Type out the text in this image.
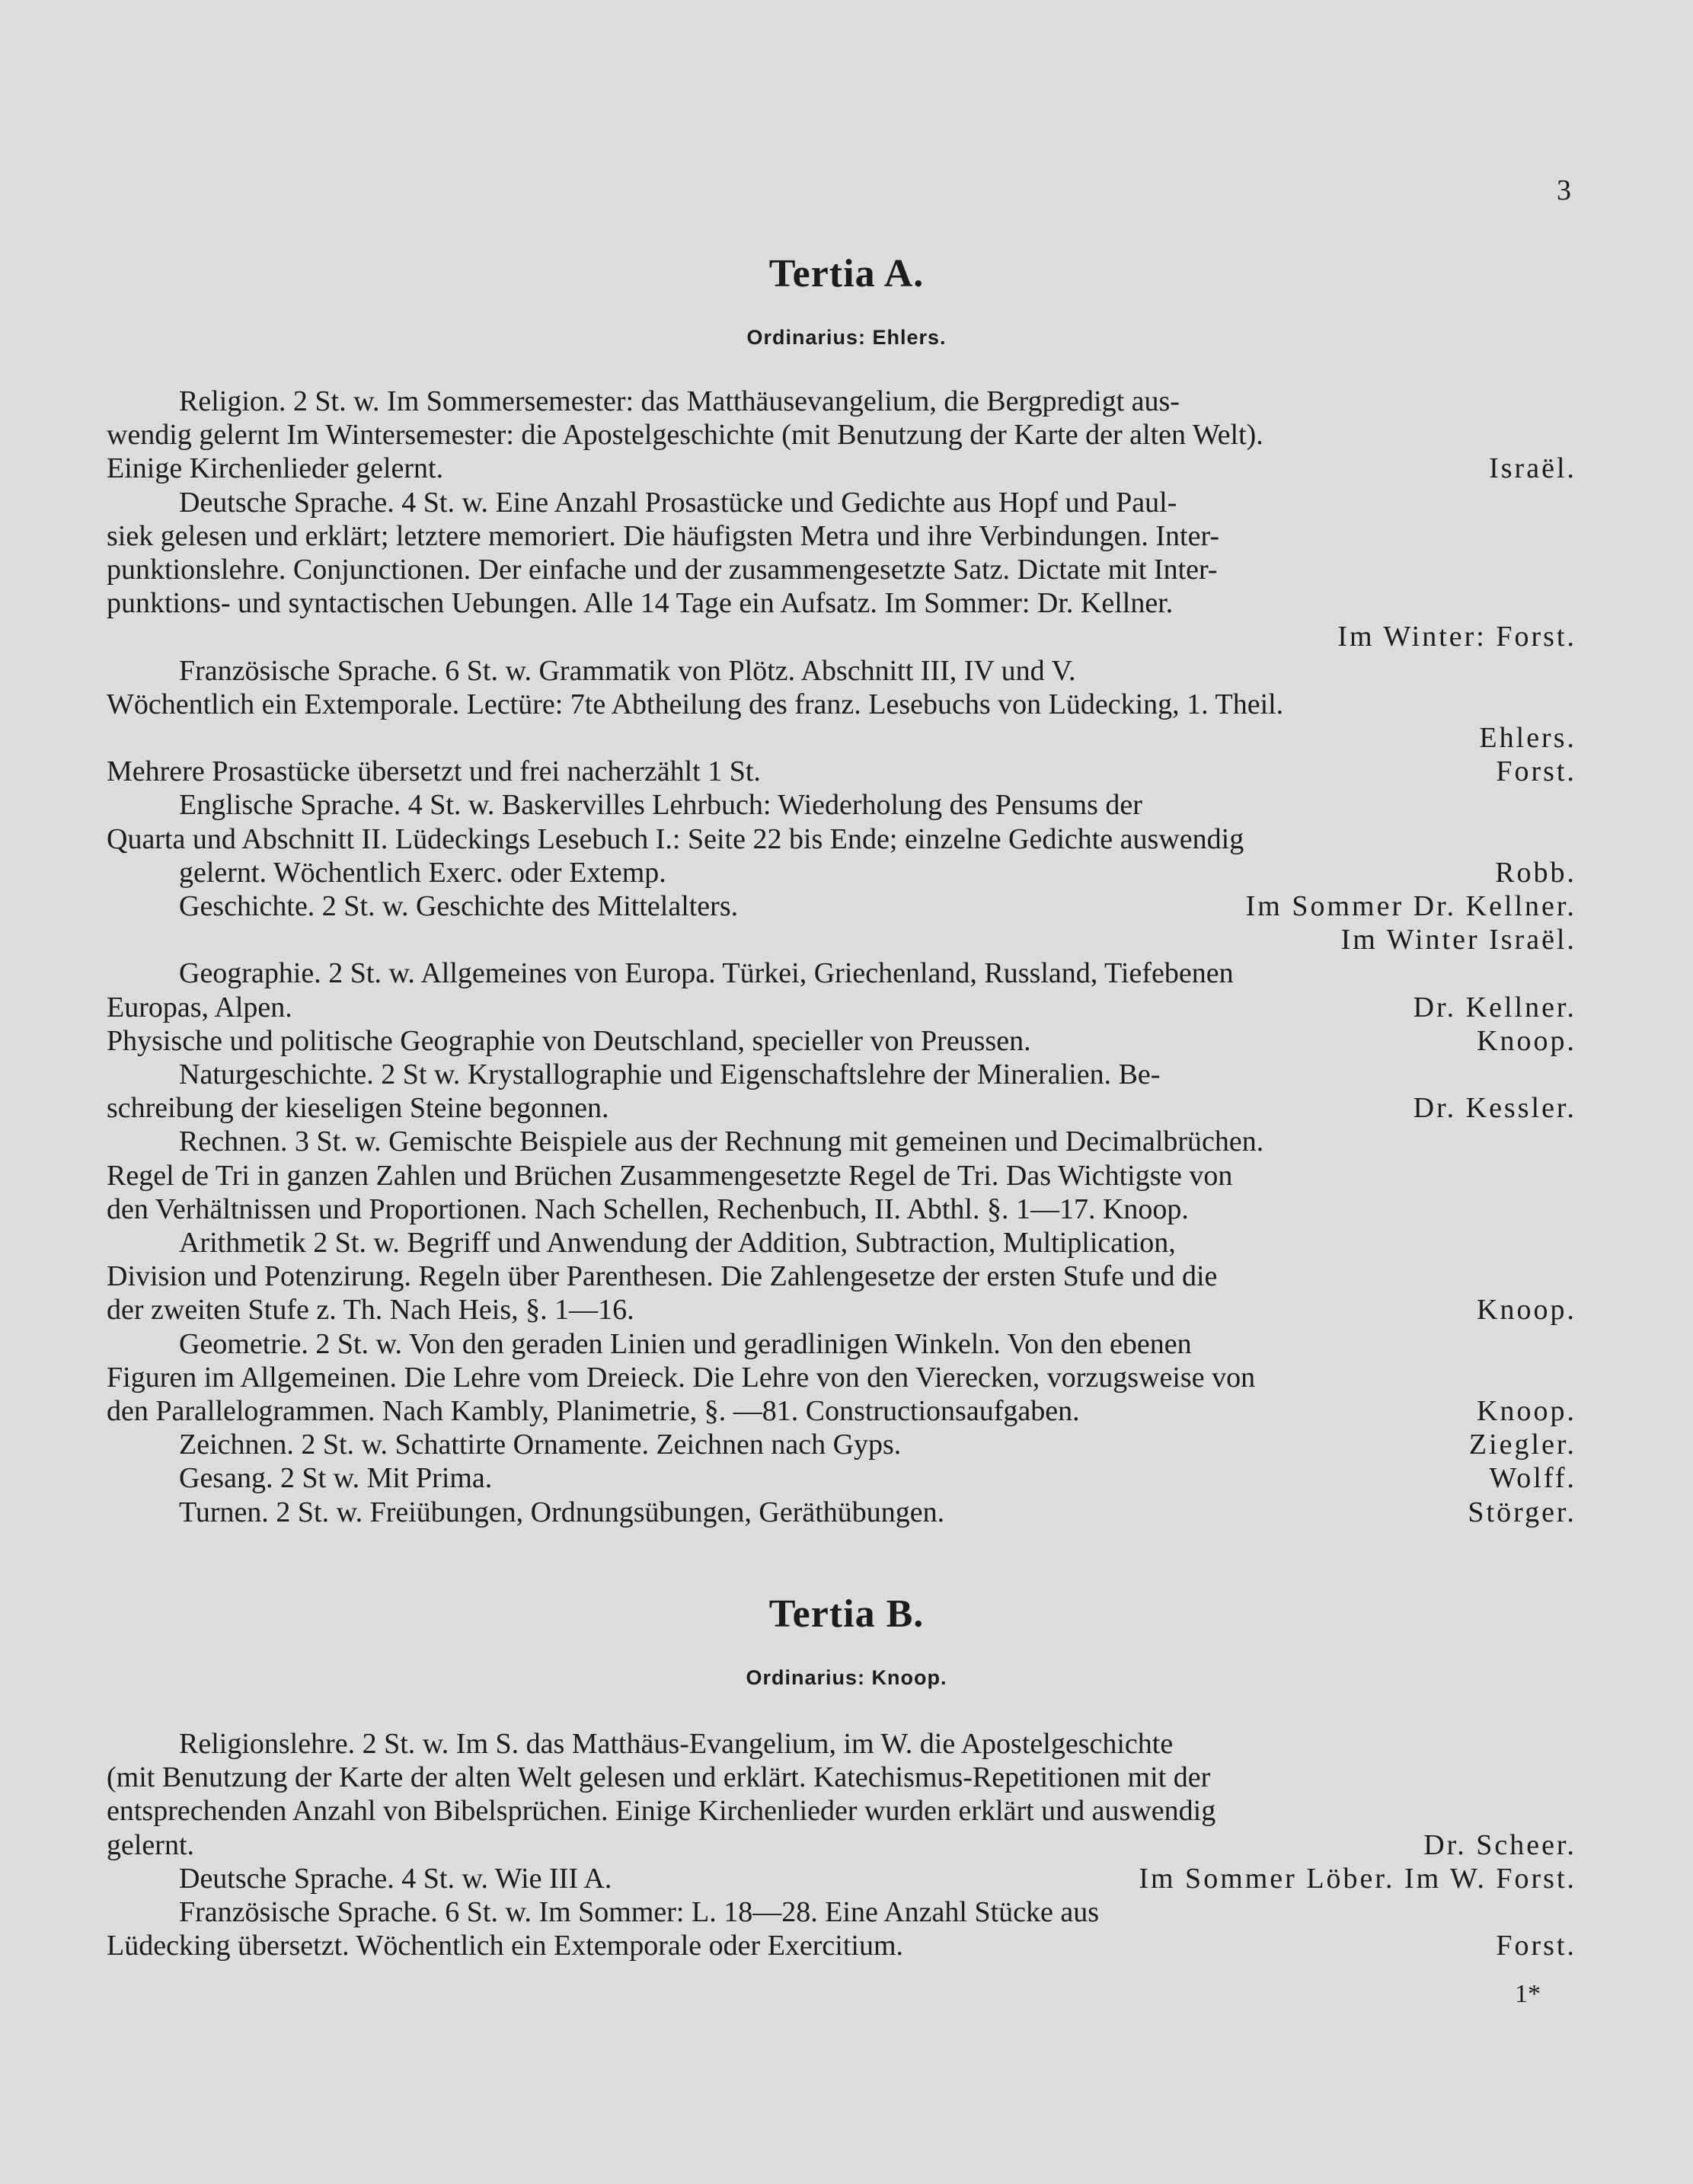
3
Tertia A.
Ordinarius: Ehlers.
Religion. 2 St. w. Im Sommersemester: das Matthäusevangelium, die Bergpredigt aus-
wendig gelernt Im Wintersemester: die Apostelgeschichte (mit Benutzung der Karte der alten Welt).
Einige Kirchenlieder gelernt.	Israël.
Deutsche Sprache. 4 St. w. Eine Anzahl Prosastücke und Gedichte aus Hopf und Paul-
siek gelesen und erklärt; letztere memoriert. Die häufigsten Metra und ihre Verbindungen. Inter-
punktionslehre. Conjunctionen. Der einfache und der zusammengesetzte Satz. Dictate mit Inter-
punktions- und syntactischen Uebungen. Alle 14 Tage ein Aufsatz. Im Sommer: Dr. Kellner.
Im Winter: Forst.
Französische Sprache. 6 St. w. Grammatik von Plötz. Abschnitt III, IV und V.
Wöchentlich ein Extemporale. Lectüre: 7te Abtheilung des franz. Lesebuchs von Lüdecking, 1. Theil.
Ehlers.
Mehrere Prosastücke übersetzt und frei nacherzählt 1 St.	Forst.
Englische Sprache. 4 St. w. Baskervilles Lehrbuch: Wiederholung des Pensums der
Quarta und Abschnitt II. Lüdeckings Lesebuch I.: Seite 22 bis Ende; einzelne Gedichte auswendig
gelernt. Wöchentlich Exerc. oder Extemp.	Robb.
Geschichte. 2 St. w. Geschichte des Mittelalters.	Im Sommer Dr. Kellner.
Im Winter Israël.
Geographie. 2 St. w. Allgemeines von Europa. Türkei, Griechenland, Russland, Tiefebenen
Europas, Alpen.	Dr. Kellner.
Physische und politische Geographie von Deutschland, specieller von Preussen.	Knoop.
Naturgeschichte. 2 St w. Krystallographie und Eigenschaftslehre der Mineralien. Be-
schreibung der kieseligen Steine begonnen.	Dr. Kessler.
Rechnen. 3 St. w. Gemischte Beispiele aus der Rechnung mit gemeinen und Decimalbrüchen.
Regel de Tri in ganzen Zahlen und Brüchen Zusammengesetzte Regel de Tri. Das Wichtigste von
den Verhältnissen und Proportionen. Nach Schellen, Rechenbuch, II. Abthl. §. 1—17. Knoop.
Arithmetik 2 St. w. Begriff und Anwendung der Addition, Subtraction, Multiplication,
Division und Potenzirung. Regeln über Parenthesen. Die Zahlengesetze der ersten Stufe und die
der zweiten Stufe z. Th. Nach Heis, §. 1—16.	Knoop.
Geometrie. 2 St. w. Von den geraden Linien und geradlinigen Winkeln. Von den ebenen
Figuren im Allgemeinen. Die Lehre vom Dreieck. Die Lehre von den Vierecken, vorzugsweise von
den Parallelogrammen. Nach Kambly, Planimetrie, §. —81. Constructionsaufgaben.	Knoop.
Zeichnen. 2 St. w. Schattirte Ornamente. Zeichnen nach Gyps.	Ziegler.
Gesang. 2 St w. Mit Prima.	Wolff.
Turnen. 2 St. w. Freiübungen, Ordnungsübungen, Geräthübungen.	Störger.
Tertia B.
Ordinarius: Knoop.
Religionslehre. 2 St. w. Im S. das Matthäus-Evangelium, im W. die Apostelgeschichte
(mit Benutzung der Karte der alten Welt gelesen und erklärt. Katechismus-Repetitionen mit der
entsprechenden Anzahl von Bibelsprüchen. Einige Kirchenlieder wurden erklärt und auswendig
gelernt.	Dr. Scheer.
Deutsche Sprache. 4 St. w. Wie III A.	Im Sommer Löber. Im W. Forst.
Französische Sprache. 6 St. w. Im Sommer: L. 18—28. Eine Anzahl Stücke aus
Lüdecking übersetzt. Wöchentlich ein Extemporale oder Exercitium.	Forst.
1*
